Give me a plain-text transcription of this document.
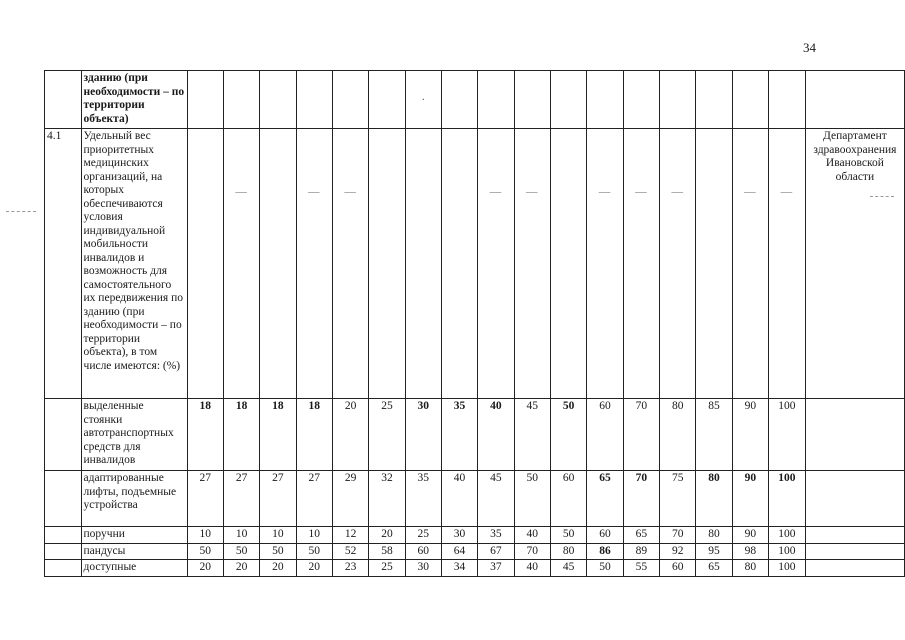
34
	зданию (при необходимости – по территории объекта)							·											

4.1	Удельный вес приоритетных медицинских организаций, на которых обеспечиваются условия индивидуальной мобильности инвалидов и возможность для самостоятельного их передвижения по зданию (при необходимости – по территории объекта), в том числе имеются: (%)		—		—	—				—	—		—	—	—		—	—	Департамент здравоохранения Ивановской области
	выделенные стоянки автотранспортных средств для инвалидов	18	18	18	18	20	25	30	35	40	45	50	60	70	80	85	90	100	
	адаптированные лифты, подъемные устройства	27	27	27	27	29	32	35	40	45	50	60	65	70	75	80	90	100	
	поручни	10	10	10	10	12	20	25	30	35	40	50	60	65	70	80	90	100	
	пандусы	50	50	50	50	52	58	60	64	67	70	80	86	89	92	95	98	100	
	доступные	20	20	20	20	23	25	30	34	37	40	45	50	55	60	65	80	100	
